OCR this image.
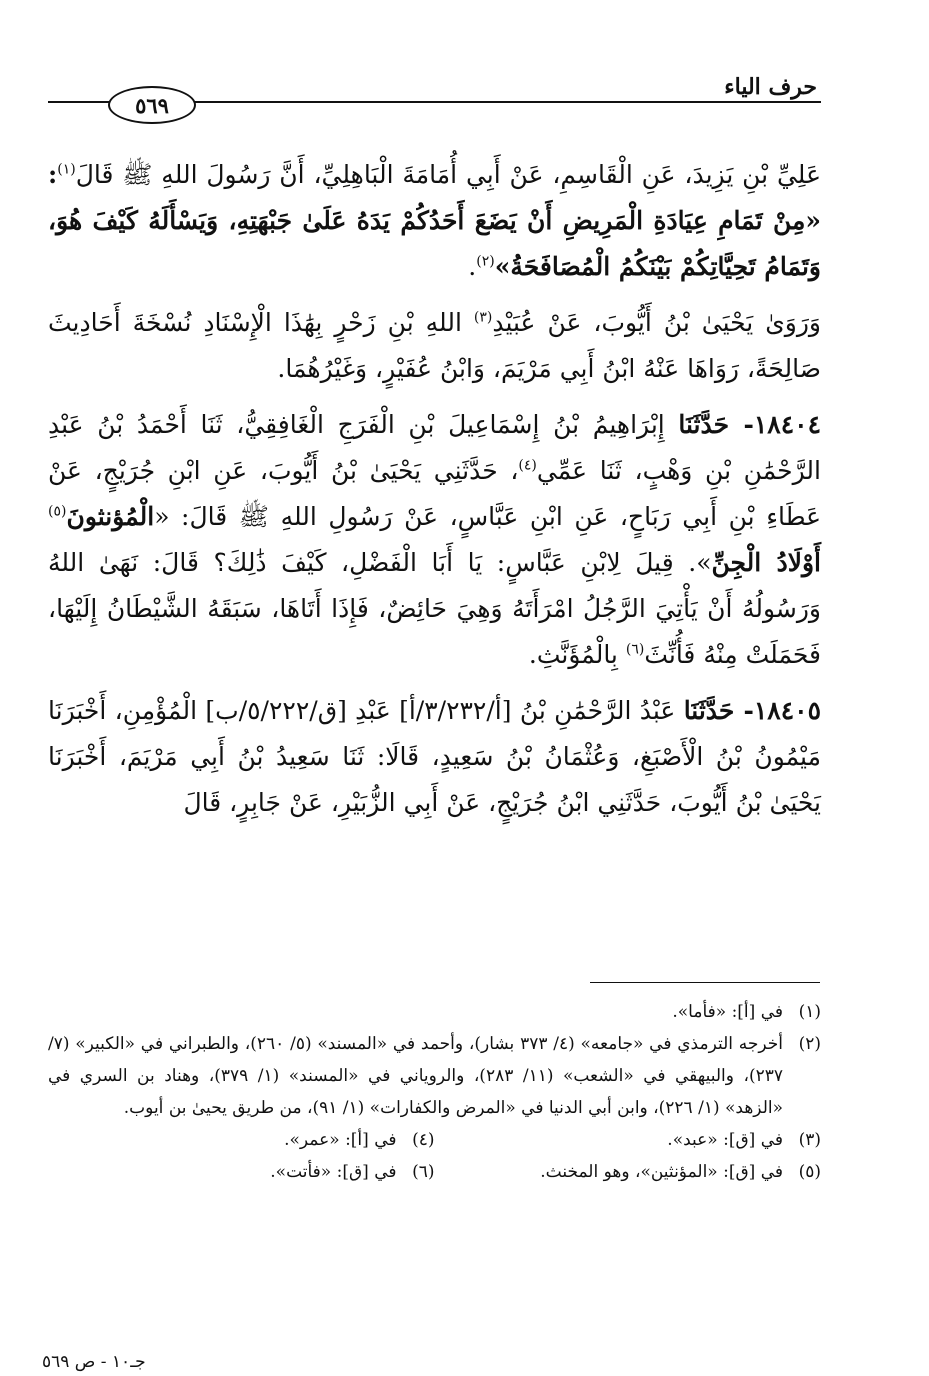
حرف الياء
٥٦٩

عَلِيِّ بْنِ يَزِيدَ، عَنِ الْقَاسِمِ، عَنْ أَبِي أُمَامَةَ الْبَاهِلِيِّ، أَنَّ رَسُولَ اللهِ ﷺ قَالَ$^{(١)}$: «مِنْ تَمَامِ عِيَادَةِ الْمَرِيضِ أَنْ يَضَعَ أَحَدُكُمْ يَدَهُ عَلَىٰ جَبْهَتِهِ، وَيَسْأَلَهُ كَيْفَ هُوَ، وَتَمَامُ تَحِيَّاتِكُمْ بَيْنَكُمُ الْمُصَافَحَةُ»$^{(٢)}$.

وَرَوَىٰ يَحْيَىٰ بْنُ أَيُّوبَ، عَنْ عُبَيْدِ$^{(٣)}$ اللهِ بْنِ زَحْرٍ بِهَٰذَا الْإِسْنَادِ نُسْخَةَ أَحَادِيثَ صَالِحَةً، رَوَاهَا عَنْهُ ابْنُ أَبِي مَرْيَمَ، وَابْنُ عُفَيْرٍ، وَغَيْرُهُمَا.

١٨٤٠٤- حَدَّثَنَا إِبْرَاهِيمُ بْنُ إِسْمَاعِيلَ بْنِ الْفَرَجِ الْغَافِقِيُّ، ثَنَا أَحْمَدُ بْنُ عَبْدِ الرَّحْمَٰنِ بْنِ وَهْبٍ، ثَنَا عَمِّي$^{(٤)}$، حَدَّثَنِي يَحْيَىٰ بْنُ أَيُّوبَ، عَنِ ابْنِ جُرَيْجٍ، عَنْ عَطَاءِ بْنِ أَبِي رَبَاحٍ، عَنِ ابْنِ عَبَّاسٍ، عَنْ رَسُولِ اللهِ ﷺ قَالَ: «الْمُؤنثونَ$^{(٥)}$ أَوْلَادُ الْجِنِّ». قِيلَ لِابْنِ عَبَّاسٍ: يَا أَبَا الْفَضْلِ، كَيْفَ ذَٰلِكَ؟ قَالَ: نَهَىٰ اللهُ وَرَسُولُهُ أَنْ يَأْتِيَ الرَّجُلُ امْرَأَتَهُ وَهِيَ حَائِضٌ، فَإِذَا أَتَاهَا، سَبَقَهُ الشَّيْطَانُ إِلَيْهَا، فَحَمَلَتْ مِنْهُ فَأُنِّثَ$^{(٦)}$ بِالْمُؤَنَّثِ.

١٨٤٠٥- حَدَّثَنَا عَبْدُ الرَّحْمَٰنِ بْنُ [أ/٣/٢٣٢/أ] عَبْدِ [ق/٥/٢٢٢/ب] الْمُؤْمِنِ، أَخْبَرَنَا مَيْمُونُ بْنُ الْأَصْبَغِ، وَعُثْمَانُ بْنُ سَعِيدٍ، قَالَا: ثَنَا سَعِيدُ بْنُ أَبِي مَرْيَمَ، أَخْبَرَنَا يَحْيَىٰ بْنُ أَيُّوبَ، حَدَّثَنِي ابْنُ جُرَيْجٍ، عَنْ أَبِي الزُّبَيْرِ، عَنْ جَابِرٍ، قَالَ

(١)
في [أ]: «فأما».
(٢)
أخرجه الترمذي في «جامعه» (٤/ ٣٧٣ بشار)، وأحمد في «المسند» (٥/ ٢٦٠)، والطبراني في «الكبير» (٧/ ٢٣٧)، والبيهقي في «الشعب» (١١/ ٢٨٣)، والروياني في «المسند» (١/ ٣٧٩)، وهناد بن السري في «الزهد» (١/ ٢٢٦)، وابن أبي الدنيا في «المرض والكفارات» (١/ ٩١)، من طريق يحيىٰ بن أيوب.
(٣)
في [ق]: «عبد».
(٤)
في [أ]: «عمر».
(٥)
في [ق]: «المؤنثين»، وهو المخنث.
(٦)
في [ق]: «فأتت».
جـ١٠ - ص ٥٦٩
